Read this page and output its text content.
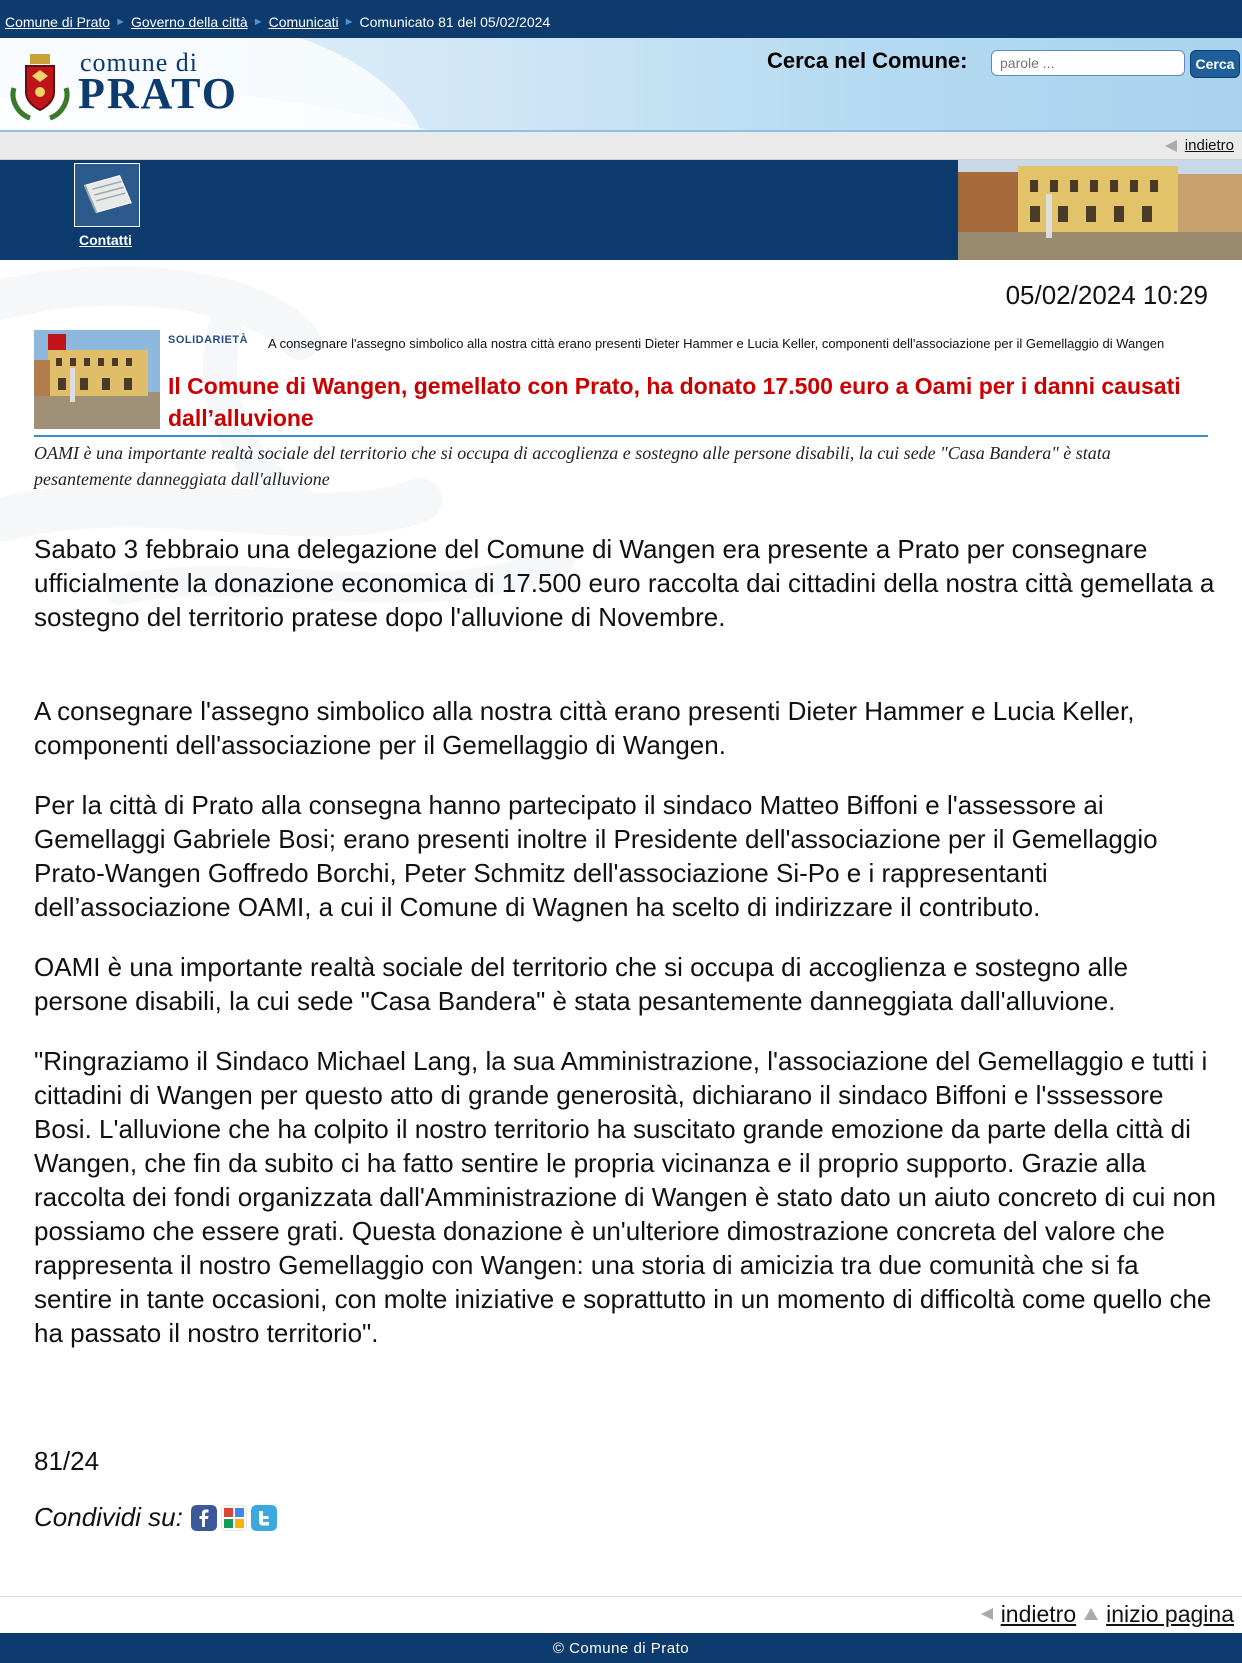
Comune di Prato ► Governo della città ► Comunicati ► Comunicato 81 del 05/02/2024
comune di
PRATO
Cerca nel Comune:
parole ...	Cerca
indietro
Contatti
05/02/2024 10:29
SOLIDARIETÀ	A consegnare l'assegno simbolico alla nostra città erano presenti Dieter Hammer e Lucia Keller, componenti dell'associazione per il Gemellaggio di Wangen
Il Comune di Wangen, gemellato con Prato, ha donato 17.500 euro a Oami per i danni causati dall’alluvione
OAMI è una importante realtà sociale del territorio che si occupa di accoglienza e sostegno alle persone disabili, la cui sede "Casa Bandera" è stata pesantemente danneggiata dall'alluvione

Sabato 3 febbraio una delegazione del Comune di Wangen era presente a Prato per consegnare ufficialmente la donazione economica di 17.500 euro raccolta dai cittadini della nostra città gemellata a sostegno del territorio pratese dopo l'alluvione di Novembre.

A consegnare l'assegno simbolico alla nostra città erano presenti Dieter Hammer e Lucia Keller, componenti dell'associazione per il Gemellaggio di Wangen.

Per la città di Prato alla consegna hanno partecipato il sindaco Matteo Biffoni e l'assessore ai Gemellaggi Gabriele Bosi; erano presenti inoltre il Presidente dell'associazione per il Gemellaggio Prato-Wangen Goffredo Borchi, Peter Schmitz dell'associazione Si-Po e i rappresentanti dell’associazione OAMI, a cui il Comune di Wagnen ha scelto di indirizzare il contributo.

OAMI è una importante realtà sociale del territorio che si occupa di accoglienza e sostegno alle persone disabili, la cui sede "Casa Bandera" è stata pesantemente danneggiata dall'alluvione.

"Ringraziamo il Sindaco Michael Lang, la sua Amministrazione, l'associazione del Gemellaggio e tutti i cittadini di Wangen per questo atto di grande generosità, dichiarano il sindaco Biffoni e l'sssessore Bosi. L'alluvione che ha colpito il nostro territorio ha suscitato grande emozione da parte della città di Wangen, che fin da subito ci ha fatto sentire le propria vicinanza e il proprio supporto. Grazie alla raccolta dei fondi organizzata dall'Amministrazione di Wangen è stato dato un aiuto concreto di cui non possiamo che essere grati. Questa donazione è un'ulteriore dimostrazione concreta del valore che rappresenta il nostro Gemellaggio con Wangen: una storia di amicizia tra due comunità che si fa sentire in tante occasioni, con molte iniziative e soprattutto in un momento di difficoltà come quello che ha passato il nostro territorio".

81/24
Condividi su:
indietro inizio pagina
© Comune di Prato
